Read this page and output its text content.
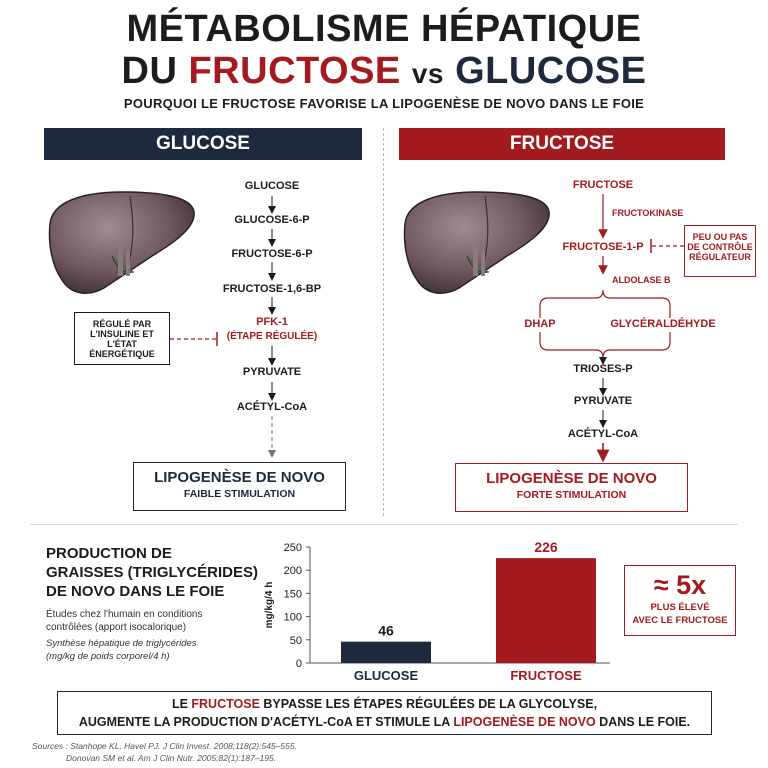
MÉTABOLISME HÉPATIQUE
DU FRUCTOSE vs GLUCOSE
POURQUOI LE FRUCTOSE FAVORISE LA LIPOGENÈSE DE NOVO DANS LE FOIE
GLUCOSE	FRUCTOSE
GLUCOSE
GLUCOSE-6-P
FRUCTOSE-6-P
FRUCTOSE-1,6-BP
PFK-1
(ÉTAPE RÉGULÉE)
PYRUVATE
ACÉTYL-CoA
RÉGULÉ PAR
L'INSULINE ET
L'ÉTAT ÉNERGÉTIQUE
LIPOGENÈSE DE NOVO
FAIBLE STIMULATION
FRUCTOSE
FRUCTOKINASE
FRUCTOSE-1-P
ALDOLASE B
DHAP	GLYCÉRALDÉHYDE
TRIOSES-P
PYRUVATE
ACÉTYL-CoA
PEU OU PAS
DE CONTRÔLE
RÉGULATEUR
LIPOGENÈSE DE NOVO
FORTE STIMULATION
PRODUCTION DE
GRAISSES (TRIGLYCÉRIDES)
DE NOVO DANS LE FOIE
Études chez l'humain en conditions
contrôlées (apport isocalorique)
Synthèse hépatique de triglycérides
(mg/kg de poids corporel/4 h)
0
50
100
150
200
250
mg/kg/4 h
46
GLUCOSE
226
FRUCTOSE
≈ 5x
PLUS ÉLEVÉ
AVEC LE FRUCTOSE
LE FRUCTOSE BYPASSE LES ÉTAPES RÉGULÉES DE LA GLYCOLYSE,
AUGMENTE LA PRODUCTION D'ACÉTYL-CoA ET STIMULE LA LIPOGENÈSE DE NOVO DANS LE FOIE.
Sources : Stanhope KL, Havel PJ. J Clin Invest. 2008;118(2):545–555.
Donovan SM et al. Am J Clin Nutr. 2005;82(1):187–195.
